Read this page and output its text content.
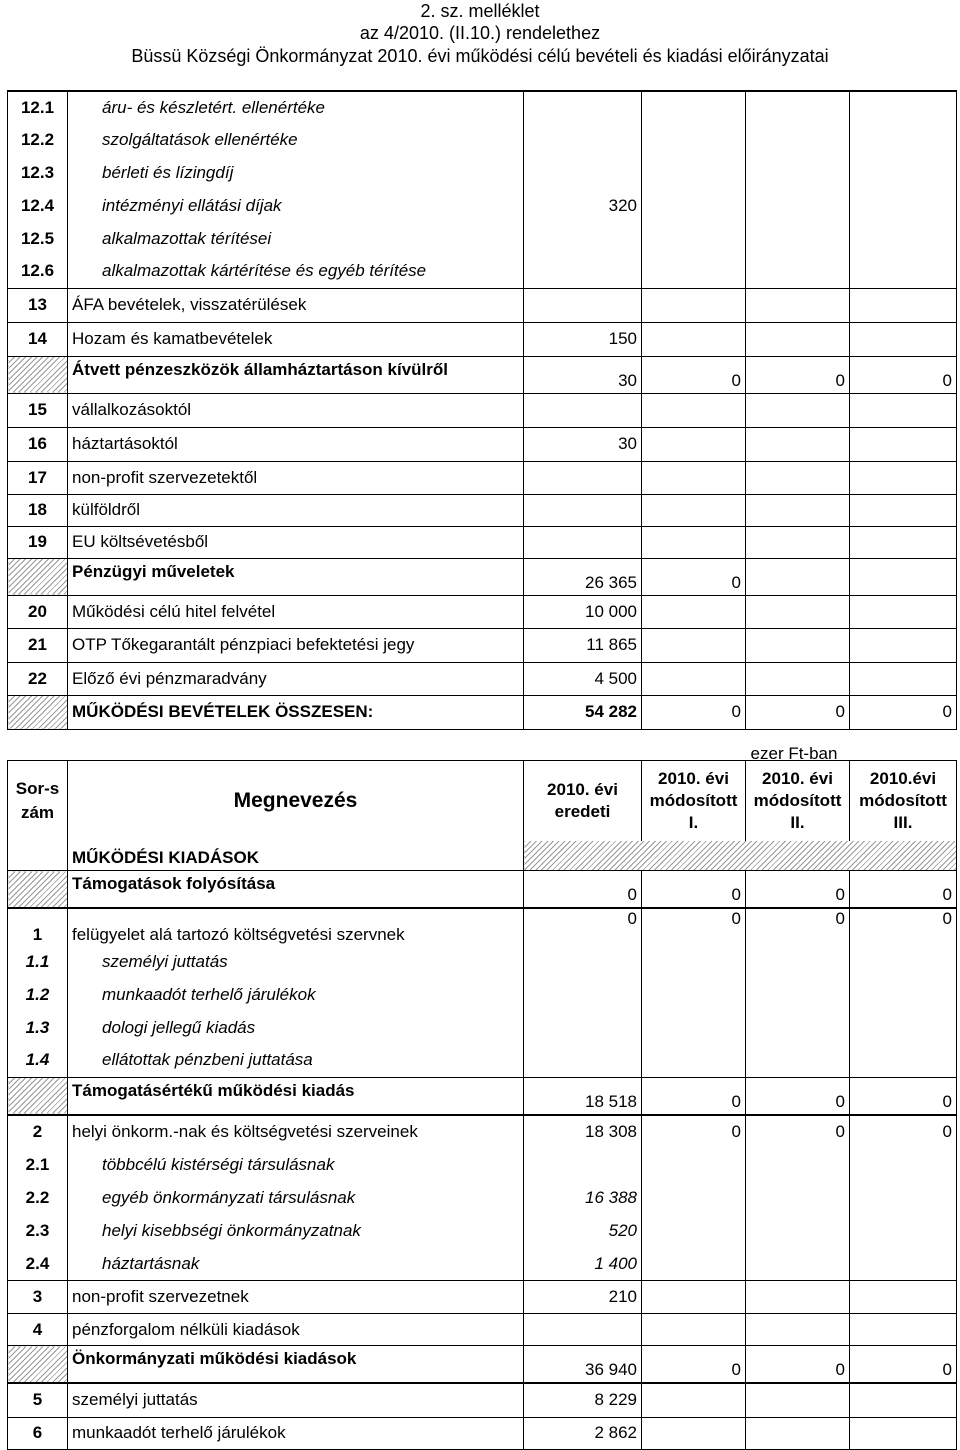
2. sz. melléklet
az 4/2010. (II.10.) rendelethez
Büssü Községi Önkormányzat 2010. évi működési célú bevételi és kiadási előirányzatai
12.1	áru- és készletért. ellenértéke				
12.2	szolgáltatások ellenértéke				
12.3	bérleti és lízingdíj				
12.4	intézményi ellátási díjak	320			
12.5	alkalmazottak térítései				
12.6	alkalmazottak kártérítése és egyéb térítése				
13	ÁFA bevételek, visszatérülések				
14	Hozam és kamatbevételek	150			
	Átvett pénzeszközök államháztartáson kívülről	30	0	0	0
15	vállalkozásoktól				
16	háztartásoktól	30			
17	non-profit szervezetektől				
18	külföldről				
19	EU költsévetésből				
	Pénzügyi műveletek	26 365	0		
20	Működési célú hitel felvétel	10 000			
21	OTP Tőkegarantált pénzpiaci befektetési jegy	11 865			
22	Előző évi pénzmaradvány	4 500			
	MŰKÖDÉSI BEVÉTELEK ÖSSZESEN:	54 282	0	0	0
ezer Ft-ban
Sor-szám	Megnevezés	2010. évi eredeti	2010. évi módosított I.	2010. évi módosított II.	2010.évi módosított III.
	MŰKÖDÉSI KIADÁSOK				
	Támogatások folyósítása	0	0	0	0
1	felügyelet alá tartozó költségvetési szervnek	0	0	0	0
1.1	személyi juttatás				
1.2	munkaadót terhelő járulékok				
1.3	dologi jellegű kiadás				
1.4	ellátottak pénzbeni juttatása				
	Támogatásértékű működési kiadás	18 518	0	0	0
2	helyi önkorm.-nak és költségvetési szerveinek	18 308	0	0	0
2.1	többcélú kistérségi társulásnak				
2.2	egyéb önkormányzati társulásnak	16 388			
2.3	helyi kisebbségi önkormányzatnak	520			
2.4	háztartásnak	1 400			
3	non-profit szervezetnek	210			
4	pénzforgalom nélküli kiadások				
	Önkormányzati működési kiadások	36 940	0	0	0
5	személyi juttatás	8 229			
6	munkaadót terhelő járulékok	2 862			
